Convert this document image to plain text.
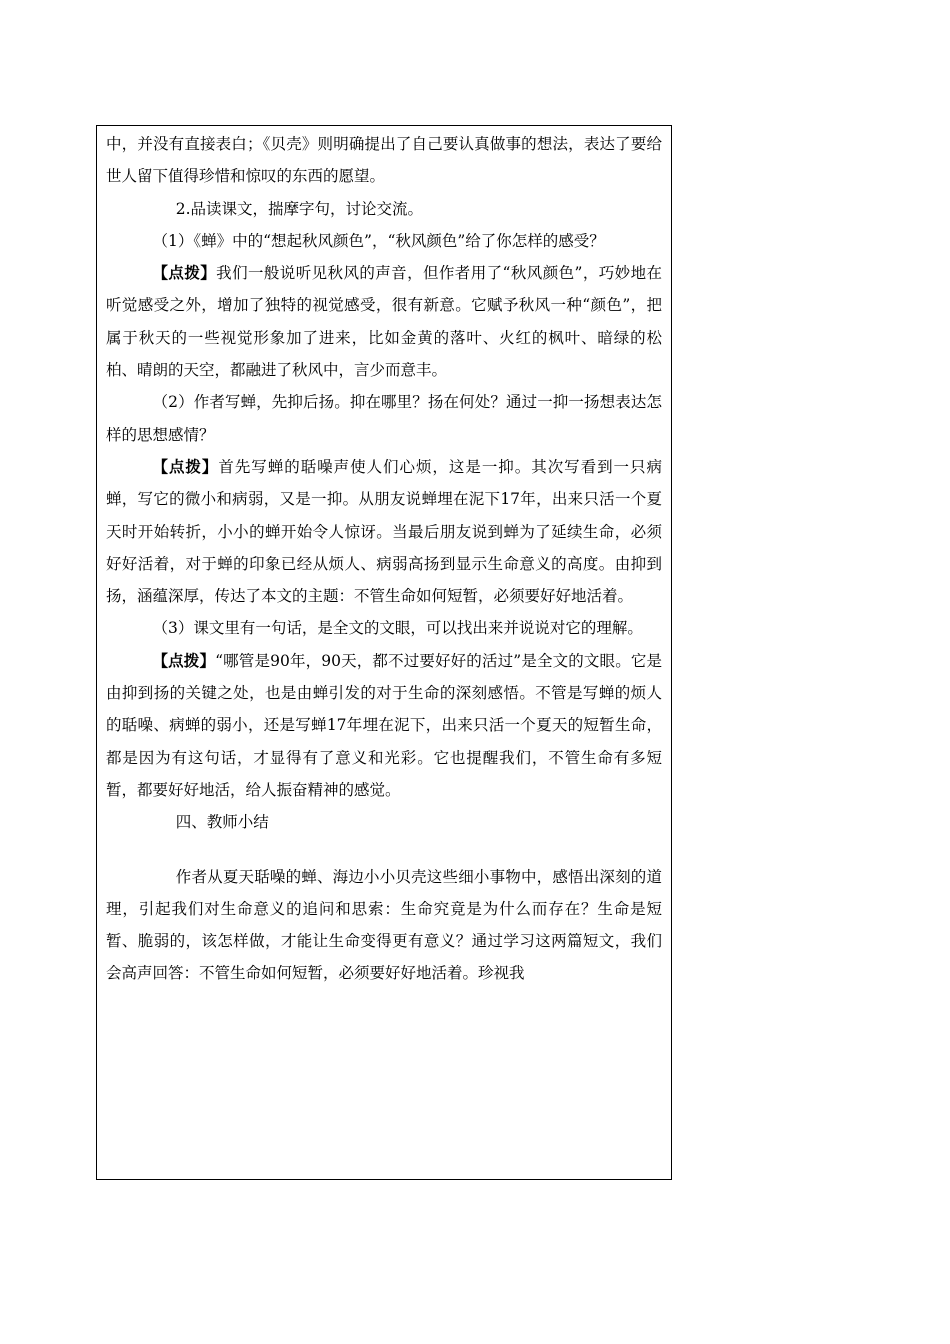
中，并没有直接表白；《贝壳》则明确提出了自己要认真做事的想法，表达了要给世人留下值得珍惜和惊叹的东西的愿望。

2.品读课文，揣摩字句，讨论交流。

（1）《蝉》中的“想起秋风颜色”，“秋风颜色”给了你怎样的感受？

【点拨】我们一般说听见秋风的声音，但作者用了“秋风颜色”，巧妙地在听觉感受之外，增加了独特的视觉感受，很有新意。它赋予秋风一种“颜色”，把属于秋天的一些视觉形象加了进来，比如金黄的落叶、火红的枫叶、暗绿的松柏、晴朗的天空，都融进了秋风中，言少而意丰。

（2）作者写蝉，先抑后扬。抑在哪里？扬在何处？通过一抑一扬想表达怎样的思想感情？

【点拨】首先写蝉的聒噪声使人们心烦，这是一抑。其次写看到一只病蝉，写它的微小和病弱，又是一抑。从朋友说蝉埋在泥下17年，出来只活一个夏天时开始转折，小小的蝉开始令人惊讶。当最后朋友说到蝉为了延续生命，必须好好活着，对于蝉的印象已经从烦人、病弱高扬到显示生命意义的高度。由抑到扬，涵蕴深厚，传达了本文的主题：不管生命如何短暂，必须要好好地活着。

（3）课文里有一句话，是全文的文眼，可以找出来并说说对它的理解。

【点拨】“哪管是90年，90天，都不过要好好的活过”是全文的文眼。它是由抑到扬的关键之处，也是由蝉引发的对于生命的深刻感悟。不管是写蝉的烦人的聒噪、病蝉的弱小，还是写蝉17年埋在泥下，出来只活一个夏天的短暂生命，都是因为有这句话，才显得有了意义和光彩。它也提醒我们，不管生命有多短暂，都要好好地活，给人振奋精神的感觉。

四、教师小结

作者从夏天聒噪的蝉、海边小小贝壳这些细小事物中，感悟出深刻的道理，引起我们对生命意义的追问和思索：生命究竟是为什么而存在？生命是短暂、脆弱的，该怎样做，才能让生命变得更有意义？通过学习这两篇短文，我们会高声回答：不管生命如何短暂，必须要好好地活着。珍视我
